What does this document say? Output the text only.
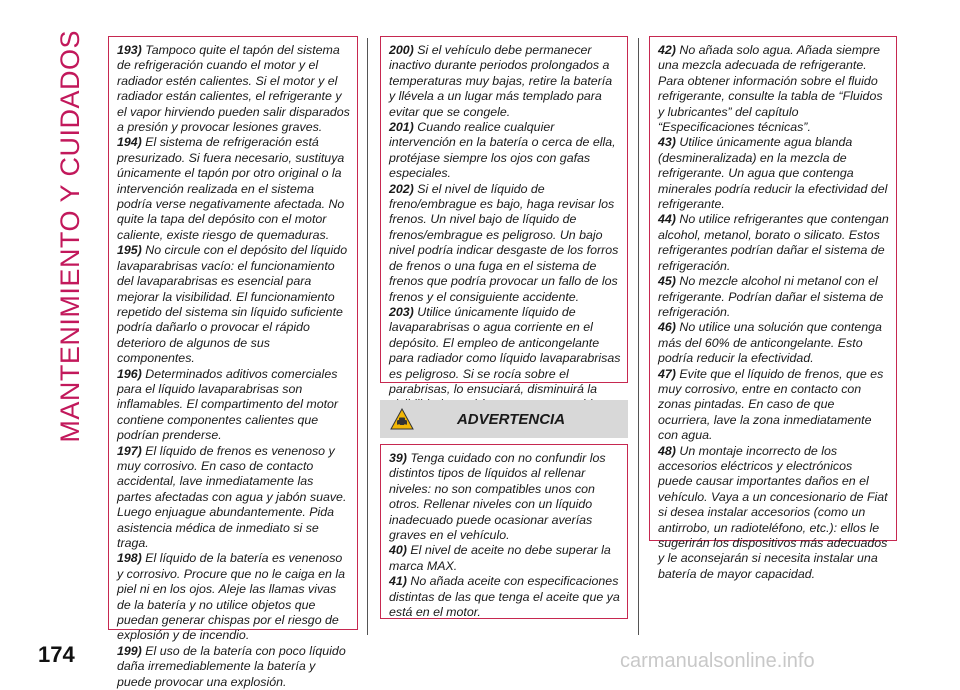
MANTENIMIENTO Y CUIDADOS
174

193) Tampoco quite el tapón del sistema de refrigeración cuando el motor y el radiador estén calientes. Si el motor y el radiador están calientes, el refrigerante y el vapor hirviendo pueden salir disparados a presión y provocar lesiones graves.

194) El sistema de refrigeración está presurizado. Si fuera necesario, sustituya únicamente el tapón por otro original o la intervención realizada en el sistema podría verse negativamente afectada. No quite la tapa del depósito con el motor caliente, existe riesgo de quemaduras.

195) No circule con el depósito del líquido lavaparabrisas vacío: el funcionamiento del lavaparabrisas es esencial para mejorar la visibilidad. El funcionamiento repetido del sistema sin líquido suficiente podría dañarlo o provocar el rápido deterioro de algunos de sus componentes.

196) Determinados aditivos comerciales para el líquido lavaparabrisas son inflamables. El compartimento del motor contiene componentes calientes que podrían prenderse.

197) El líquido de frenos es venenoso y muy corrosivo. En caso de contacto accidental, lave inmediatamente las partes afectadas con agua y jabón suave. Luego enjuague abundantemente. Pida asistencia médica de inmediato si se traga.

198) El líquido de la batería es venenoso y corrosivo. Procure que no le caiga en la piel ni en los ojos. Aleje las llamas vivas de la batería y no utilice objetos que puedan generar chispas por el riesgo de explosión y de incendio.

199) El uso de la batería con poco líquido daña irremediablemente la batería y puede provocar una explosión.

200) Si el vehículo debe permanecer inactivo durante periodos prolongados a temperaturas muy bajas, retire la batería y llévela a un lugar más templado para evitar que se congele.

201) Cuando realice cualquier intervención en la batería o cerca de ella, protéjase siempre los ojos con gafas especiales.

202) Si el nivel de líquido de freno/embrague es bajo, haga revisar los frenos. Un nivel bajo de líquido de frenos/embrague es peligroso. Un bajo nivel podría indicar desgaste de los forros de frenos o una fuga en el sistema de frenos que podría provocar un fallo de los frenos y el consiguiente accidente.

203) Utilice únicamente líquido de lavaparabrisas o agua corriente en el depósito. El empleo de anticongelante para radiador como líquido lavaparabrisas es peligroso. Si se rocía sobre el parabrisas, lo ensuciará, disminuirá la

ADVERTENCIA

39) Tenga cuidado con no confundir los distintos tipos de líquidos al rellenar niveles: no son compatibles unos con otros. Rellenar niveles con un líquido inadecuado puede ocasionar averías graves en el vehículo.

40) El nivel de aceite no debe superar la marca MAX.

41) No añada aceite con especificaciones distintas de las que tenga el aceite que ya está en el motor.

42) No añada solo agua. Añada siempre una mezcla adecuada de refrigerante. Para obtener información sobre el fluido refrigerante, consulte la tabla de “Fluidos y lubricantes” del capítulo “Especificaciones técnicas”.

43) Utilice únicamente agua blanda (desmineralizada) en la mezcla de refrigerante. Un agua que contenga minerales podría reducir la efectividad del refrigerante.

44) No utilice refrigerantes que contengan alcohol, metanol, borato o silicato. Estos refrigerantes podrían dañar el sistema de refrigeración.

45) No mezcle alcohol ni metanol con el refrigerante. Podrían dañar el sistema de refrigeración.

46) No utilice una solución que contenga más del 60% de anticongelante. Esto podría reducir la efectividad.

47) Evite que el líquido de frenos, que es muy corrosivo, entre en contacto con zonas pintadas. En caso de que ocurriera, lave la zona inmediatamente con agua.

48) Un montaje incorrecto de los accesorios eléctricos y electrónicos puede causar importantes daños en el vehículo. Vaya a un concesionario de Fiat si desea instalar accesorios (como un antirrobo, un radioteléfono, etc.): ellos le sugerirán los dispositivos más adecuados y le aconsejarán si necesita instalar una batería de mayor capacidad.

carmanualsonline.info
